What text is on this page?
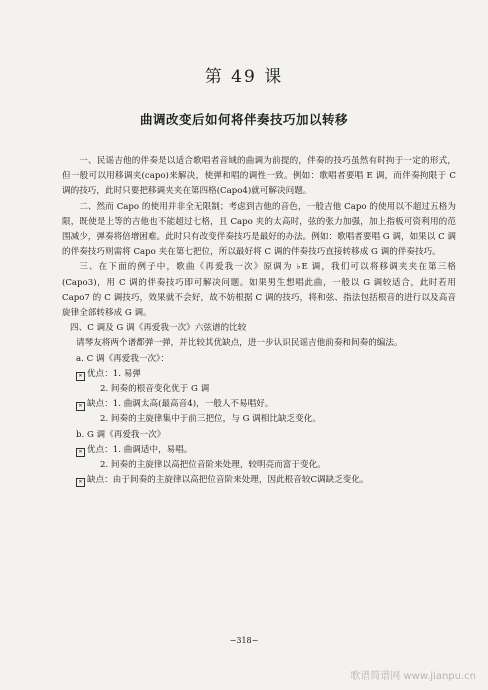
第 49 课
曲调改变后如何将伴奏技巧加以转移

一、民谣吉他的伴奏是以适合歌唱者音域的曲调为前提的，伴奏的技巧虽然有时拘于一定的形式，但一般可以用移调夹(capo)来解决，使弹和唱的调性一致。例如：歌唱者要唱 E 调，而伴奏拘限于 C 调的技巧，此时只要把移调夹夹在第四格(Capo4)就可解决问题。

二、然而 Capo 的使用并非全无限制；考虑到吉他的音色，一般吉他 Capo 的使用以不超过五格为限，既使是上等的吉他也不能超过七格，且 Capo 夹的太高时，弦的张力加强，加上指板可资利用的范围减少，弹奏将倍增困难。此时只有改变伴奏技巧是最好的办法。例如：歌唱者要唱 G 调，如果以 C 调的伴奏技巧则需将 Capo 夹在第七把位，所以最好将 C 调的伴奏技巧直接转移成 G 调的伴奏技巧。

三、在下面的例子中，歌曲《再爱我一次》原调为 ♭E 调，我们可以将移调夹夹在第三格(Capo3)，用 C 调的伴奏技巧即可解决问题。如果男生想唱此曲，一般以 G 调较适合，此时若用 Capo7 的 C 调技巧，效果就不会好，故不妨根据 C 调的技巧，将和弦、指法包括根音的进行以及高音旋律全部转移成 G 调。

四、C 调及 G 调《再爱我一次》六弦谱的比较

请琴友将两个谱都弹一弹，并比较其优缺点，进一步认识民谣吉他前奏和间奏的编法。

a. C 调《再爱我一次》：

✕ 优点：1. 易弹

2. 间奏的根音变化优于 G 调

✕ 缺点：1. 曲调太高(最高音4̇)，一般人不易唱好。

2. 间奏的主旋律集中于前三把位，与 G 调相比缺乏变化。

b. G 调《再爱我一次》

✕ 优点：1. 曲调适中，易唱。

2. 间奏的主旋律以高把位音阶来处理，较明亮而富于变化。

✕ 缺点：由于间奏的主旋律以高把位音阶来处理，因此根音较C调缺乏变化。

−318−
歌谱简谱网 www.jianpu.cn
